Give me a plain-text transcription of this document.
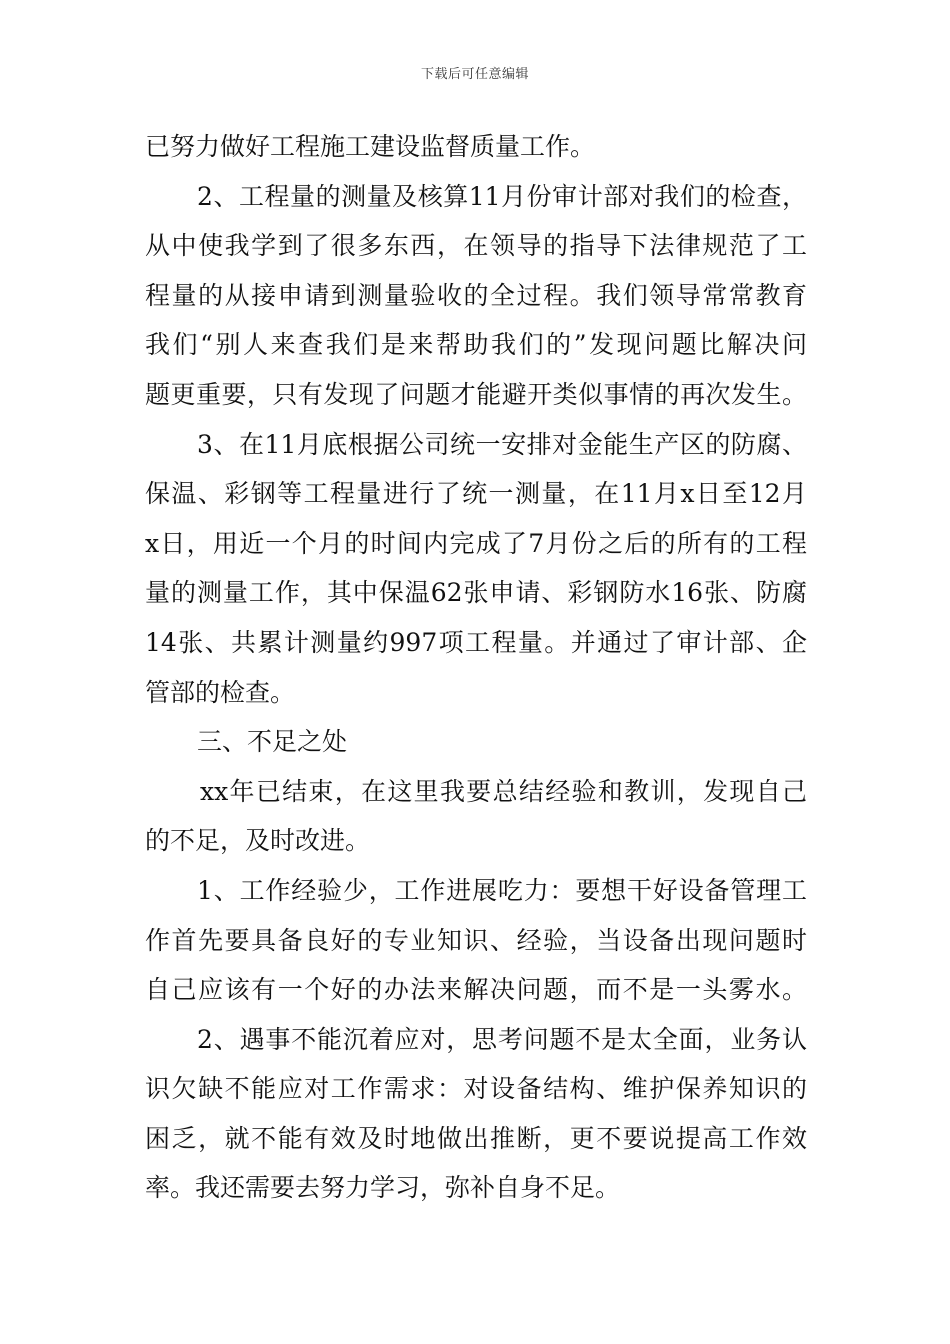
下载后可任意编辑
已努力做好工程施工建设监督质量工作。
2、工程量的测量及核算11月份审计部对我们的检查，
从中使我学到了很多东西，在领导的指导下法律规范了工
程量的从接申请到测量验收的全过程。我们领导常常教育
我们“别人来查我们是来帮助我们的”发现问题比解决问
题更重要，只有发现了问题才能避开类似事情的再次发生。
3、在11月底根据公司统一安排对金能生产区的防腐、
保温、彩钢等工程量进行了统一测量，在11月x日至12月
x日，用近一个月的时间内完成了7月份之后的所有的工程
量的测量工作，其中保温62张申请、彩钢防水16张、防腐
14张、共累计测量约997项工程量。并通过了审计部、企
管部的检查。
三、不足之处
xx年已结束，在这里我要总结经验和教训，发现自己
的不足，及时改进。
1、工作经验少，工作进展吃力：要想干好设备管理工
作首先要具备良好的专业知识、经验，当设备出现问题时
自己应该有一个好的办法来解决问题，而不是一头雾水。
2、遇事不能沉着应对，思考问题不是太全面，业务认
识欠缺不能应对工作需求：对设备结构、维护保养知识的
困乏，就不能有效及时地做出推断，更不要说提高工作效
率。我还需要去努力学习，弥补自身不足。
